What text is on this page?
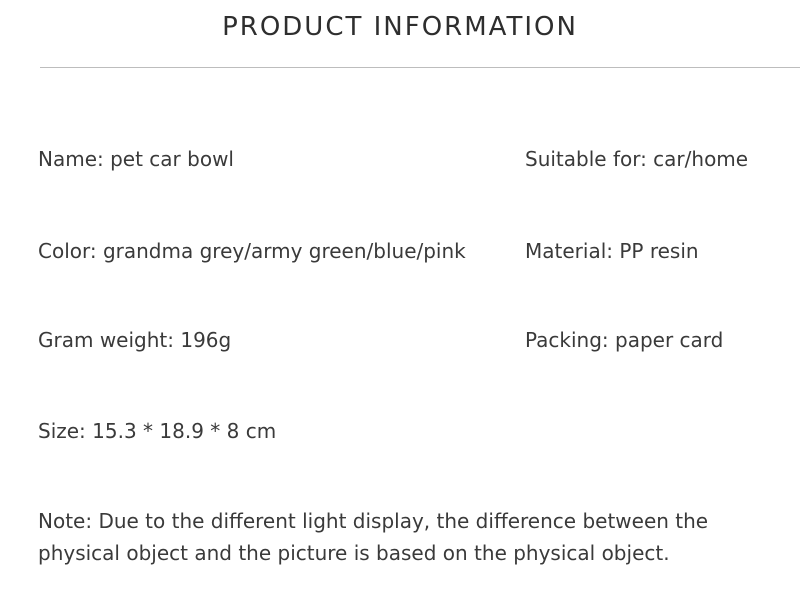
PRODUCT INFORMATION
Name: pet car bowl	Suitable for: car/home
Color: grandma grey/army green/blue/pink	Material: PP resin
Gram weight: 196g	Packing: paper card
Size: 15.3 * 18.9 * 8 cm
Note: Due to the different light display, the difference between the physical object and the picture is based on the physical object.
